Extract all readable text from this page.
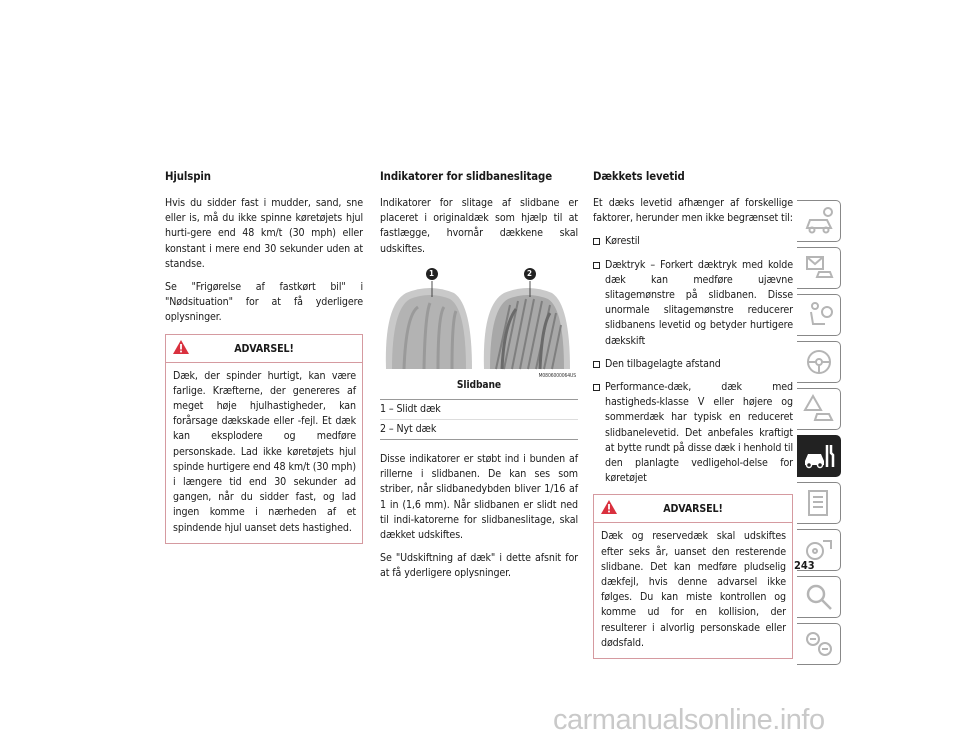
Hjulspin

Hvis du sidder fast i mudder, sand, sne eller is, må du ikke spinne køretøjets hjul hurti-gere end 48 km/t (30 mph) eller konstant i mere end 30 sekunder uden at standse.

Se "Frigørelse af fastkørt bil" i "Nødsituation" for at få yderligere oplysninger.

ADVARSEL!
Dæk, der spinder hurtigt, kan være farlige. Kræfterne, der genereres af meget høje hjulhastigheder, kan forårsage dækskade eller -fejl. Et dæk kan eksplodere og medføre personskade. Lad ikke køretøjets hjul spinde hurtigere end 48 km/t (30 mph) i længere tid end 30 sekunder ad gangen, når du sidder fast, og lad ingen komme i nærheden af et spindende hjul uanset dets hastighed.
Indikatorer for slidbaneslitage

Indikatorer for slitage af slidbane er placeret i originaldæk som hjælp til at fastlægge, hvornår dækkene skal udskiftes.

1	2
M0806000064US
Slidbane
1 – Slidt dæk
2 – Nyt dæk

Disse indikatorer er støbt ind i bunden af rillerne i slidbanen. De kan ses som striber, når slidbanedybden bliver 1/16 af 1 in (1,6 mm). Når slidbanen er slidt ned til indi-katorerne for slidbaneslitage, skal dækket udskiftes.

Se "Udskiftning af dæk" i dette afsnit for at få yderligere oplysninger.

Dækkets levetid

Et dæks levetid afhænger af forskellige faktorer, herunder men ikke begrænset til:

Kørestil
Dæktryk – Forkert dæktryk med kolde dæk kan medføre ujævne slitagemønstre på slidbanen. Disse unormale slitagemønstre reducerer slidbanens levetid og betyder hurtigere dækskift
Den tilbagelagte afstand
Performance-dæk, dæk med hastigheds-klasse V eller højere og sommerdæk har typisk en reduceret slidbanelevetid. Det anbefales kraftigt at bytte rundt på disse dæk i henhold til den planlagte vedligehol-delse for køretøjet
ADVARSEL!
Dæk og reservedæk skal udskiftes efter seks år, uanset den resterende slidbane. Det kan medføre pludselig dækfejl, hvis denne advarsel ikke følges. Du kan miste kontrollen og komme ud for en kollision, der resulterer i alvorlig personskade eller dødsfald.
243
carmanualsonline.info
